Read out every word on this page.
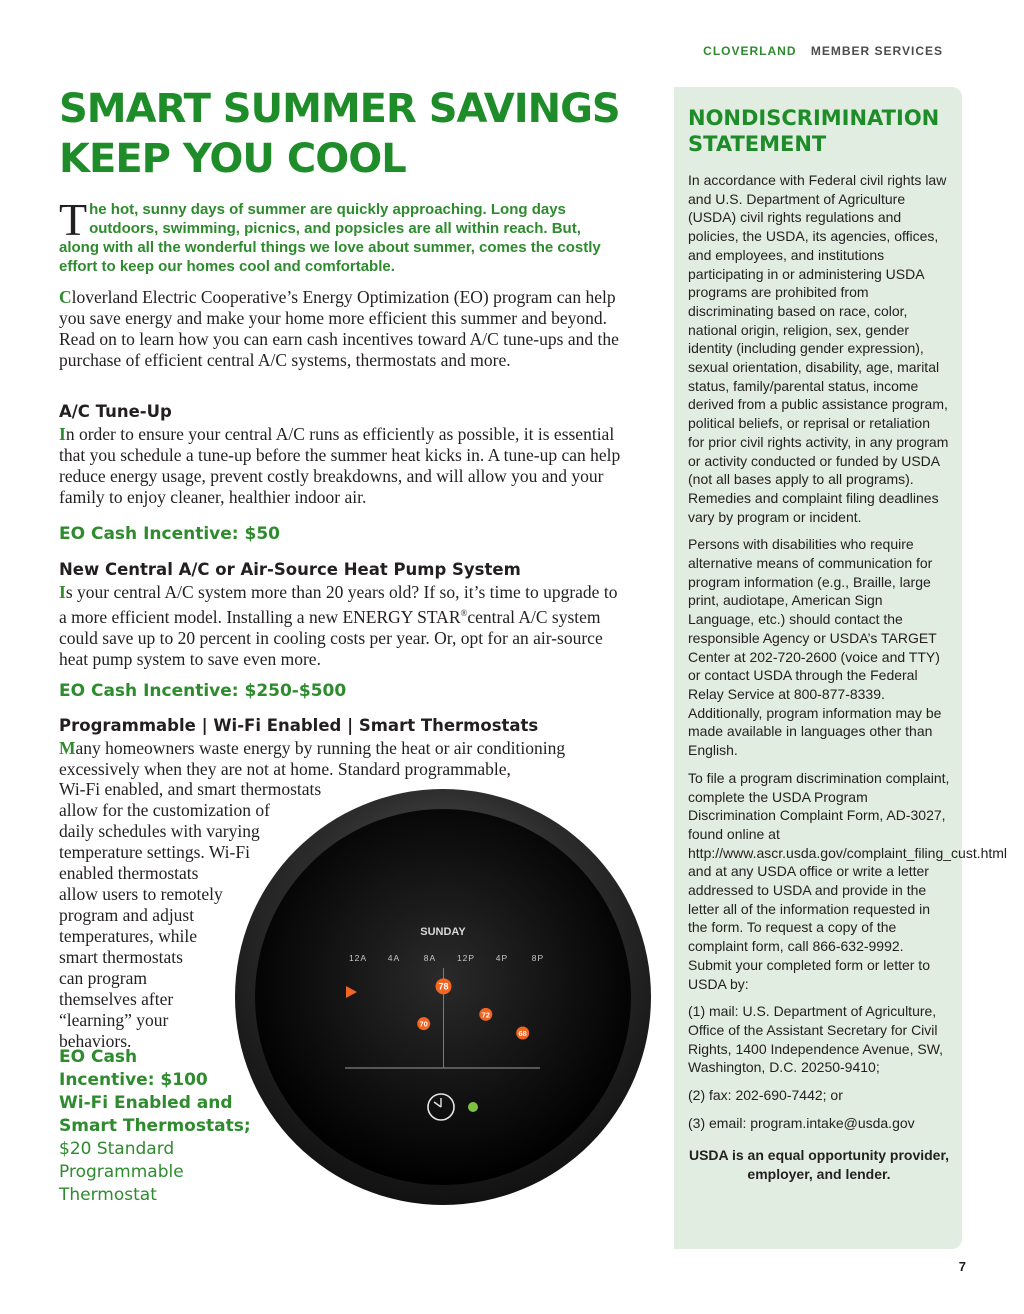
CLOVERLAND MEMBER SERVICES
SMART SUMMER SAVINGS
KEEP YOU COOL

The hot, sunny days of summer are quickly approaching. Long days outdoors, swimming, picnics, and popsicles are all within reach. But, along with all the wonderful things we love about summer, comes the costly effort to keep our homes cool and comfortable.

Cloverland Electric Cooperative’s Energy Optimization (EO) program can help you save energy and make your home more efficient this summer and beyond. Read on to learn how you can earn cash incentives toward A/C tune-ups and the purchase of efficient central A/C systems, thermostats and more.

A/C Tune-Up

In order to ensure your central A/C runs as efficiently as possible, it is essential that you schedule a tune-up before the summer heat kicks in. A tune-up can help reduce energy usage, prevent costly breakdowns, and will allow you and your family to enjoy cleaner, healthier indoor air.

EO Cash Incentive: $50

New Central A/C or Air-Source Heat Pump System

Is your central A/C system more than 20 years old? If so, it’s time to upgrade to a more efficient model. Installing a new ENERGY STAR®central A/C system could save up to 20 percent in cooling costs per year. Or, opt for an air-source heat pump system to save even more.

EO Cash Incentive: $250-$500

Programmable | Wi-Fi Enabled | Smart Thermostats

Many homeowners waste energy by running the heat or air conditioning excessively when they are not at home. Standard programmable,

Wi-Fi enabled, and smart thermostats
allow for the customization of
daily schedules with varying
temperature settings. Wi-Fi
enabled thermostats
allow users to remotely
program and adjust
temperatures, while
smart thermostats
can program
themselves after
“learning” your
behaviors.

EO Cash
Incentive: $100
Wi-Fi Enabled and
Smart Thermostats;
$20 Standard
Programmable
Thermostat

SUNDAY
12A 4A	8A 12P 4P	8P
70
78
72
68
NONDISCRIMINATION STATEMENT

In accordance with Federal civil rights law and U.S. Department of Agriculture (USDA) civil rights regulations and policies, the USDA, its agencies, offices, and employees, and institutions participating in or administering USDA programs are prohibited from discriminating based on race, color, national origin, religion, sex, gender identity (including gender expression), sexual orientation, disability, age, marital status, family/parental status, income derived from a public assistance program, political beliefs, or reprisal or retaliation for prior civil rights activity, in any program or activity conducted or funded by USDA (not all bases apply to all programs). Remedies and complaint filing deadlines vary by program or incident.

Persons with disabilities who require alternative means of communication for program information (e.g., Braille, large print, audiotape, American Sign Language, etc.) should contact the responsible Agency or USDA’s TARGET Center at 202-720-2600 (voice and TTY) or contact USDA through the Federal Relay Service at 800-877-8339. Additionally, program information may be made available in languages other than English.

To file a program discrimination complaint, complete the USDA Program Discrimination Complaint Form, AD-3027, found online at http://www.ascr.usda.gov/complaint_filing_cust.html and at any USDA office or write a letter addressed to USDA and provide in the letter all of the information requested in the form. To request a copy of the complaint form, call 866-632-9992. Submit your completed form or letter to USDA by:

(1) mail: U.S. Department of Agriculture, Office of the Assistant Secretary for Civil Rights, 1400 Independence Avenue, SW, Washington, D.C. 20250-9410;

(2) fax: 202-690-7442; or

(3) email: program.intake@usda.gov

USDA is an equal opportunity provider, employer, and lender.

7
